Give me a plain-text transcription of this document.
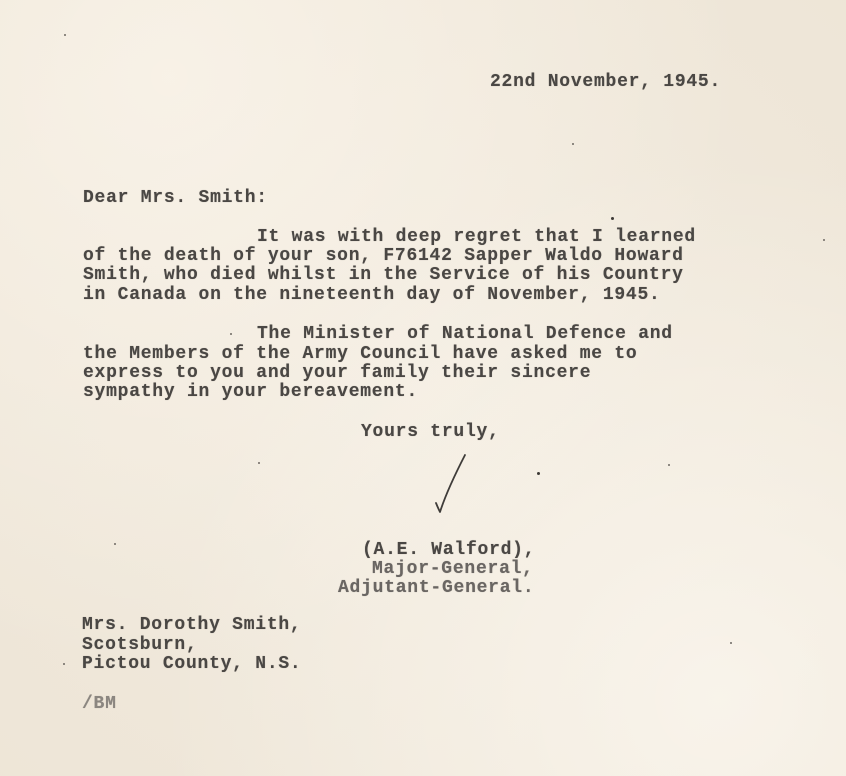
22nd November, 1945.
Dear Mrs. Smith:
It was with deep regret that I learned
of the death of your son, F76142 Sapper Waldo Howard
Smith, who died whilst in the Service of his Country
in Canada on the nineteenth day of November, 1945.
The Minister of National Defence and
the Members of the Army Council have asked me to
express to you and your family their sincere
sympathy in your bereavement.
Yours truly,
(A.E. Walford),
Major-General,
Adjutant-General.
Mrs. Dorothy Smith,
Scotsburn,
Pictou County, N.S.
/BM
